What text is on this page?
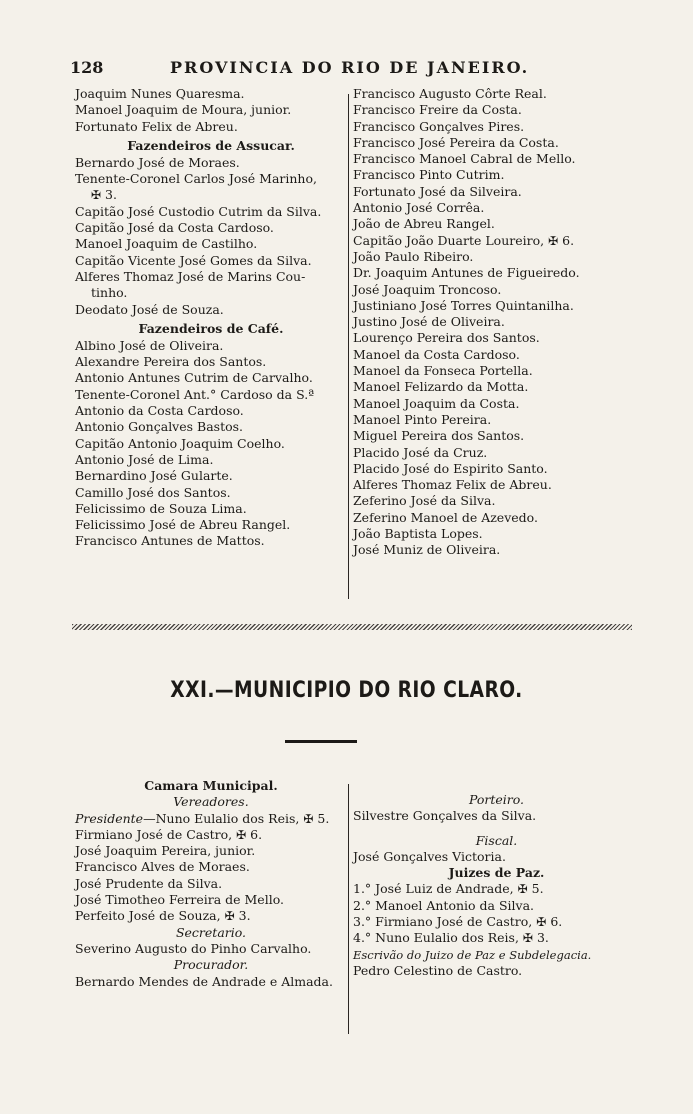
128	PROVINCIA DO RIO DE JANEIRO.
Joaquim Nunes Quaresma.
Manoel Joaquim de Moura, junior.
Fortunato Felix de Abreu.
Fazendeiros de Assucar.
Bernardo José de Moraes.
Tenente-Coronel Carlos José Marinho,
✠ 3.
Capitão José Custodio Cutrim da Silva.
Capitão José da Costa Cardoso.
Manoel Joaquim de Castilho.
Capitão Vicente José Gomes da Silva.
Alferes Thomaz José de Marins Cou-
tinho.
Deodato José de Souza.
Fazendeiros de Café.
Albino José de Oliveira.
Alexandre Pereira dos Santos.
Antonio Antunes Cutrim de Carvalho.
Tenente-Coronel Ant.° Cardoso da S.ª
Antonio da Costa Cardoso.
Antonio Gonçalves Bastos.
Capitão Antonio Joaquim Coelho.
Antonio José de Lima.
Bernardino José Gularte.
Camillo José dos Santos.
Felicissimo de Souza Lima.
Felicissimo José de Abreu Rangel.
Francisco Antunes de Mattos.
Francisco Augusto Côrte Real.
Francisco Freire da Costa.
Francisco Gonçalves Pires.
Francisco José Pereira da Costa.
Francisco Manoel Cabral de Mello.
Francisco Pinto Cutrim.
Fortunato José da Silveira.
Antonio José Corrêa.
João de Abreu Rangel.
Capitão João Duarte Loureiro, ✠ 6.
João Paulo Ribeiro.
Dr. Joaquim Antunes de Figueiredo.
José Joaquim Troncoso.
Justiniano José Torres Quintanilha.
Justino José de Oliveira.
Lourenço Pereira dos Santos.
Manoel da Costa Cardoso.
Manoel da Fonseca Portella.
Manoel Felizardo da Motta.
Manoel Joaquim da Costa.
Manoel Pinto Pereira.
Miguel Pereira dos Santos.
Placido José da Cruz.
Placido José do Espirito Santo.
Alferes Thomaz Felix de Abreu.
Zeferino José da Silva.
Zeferino Manoel de Azevedo.
João Baptista Lopes.
José Muniz de Oliveira.
XXI.—MUNICIPIO DO RIO CLARO.
Camara Municipal.
Vereadores.
Presidente—Nuno Eulalio dos Reis, ✠ 5.
Firmiano José de Castro, ✠ 6.
José Joaquim Pereira, junior.
Francisco Alves de Moraes.
José Prudente da Silva.
José Timotheo Ferreira de Mello.
Perfeito José de Souza, ✠ 3.
Secretario.
Severino Augusto do Pinho Carvalho.
Procurador.
Bernardo Mendes de Andrade e Almada.
Porteiro.
Silvestre Gonçalves da Silva.
Fiscal.
José Gonçalves Victoria.
Juizes de Paz.
1.° José Luiz de Andrade, ✠ 5.
2.° Manoel Antonio da Silva.
3.° Firmiano José de Castro, ✠ 6.
4.° Nuno Eulalio dos Reis, ✠ 3.
Escrivão do Juizo de Paz e Subdelegacia.
Pedro Celestino de Castro.
